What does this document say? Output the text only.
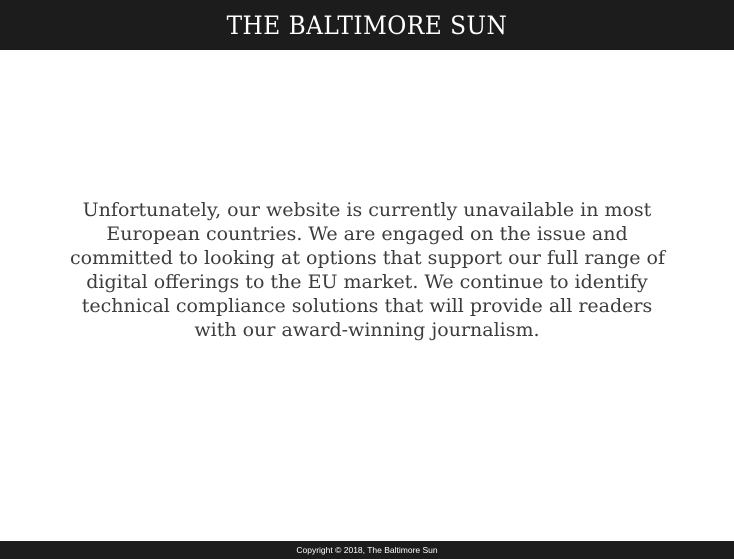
THE BALTIMORE SUN
Unfortunately, our website is currently unavailable in most
European countries. We are engaged on the issue and
committed to looking at options that support our full range of
digital offerings to the EU market. We continue to identify
technical compliance solutions that will provide all readers
with our award-winning journalism.
Copyright © 2018, The Baltimore Sun
